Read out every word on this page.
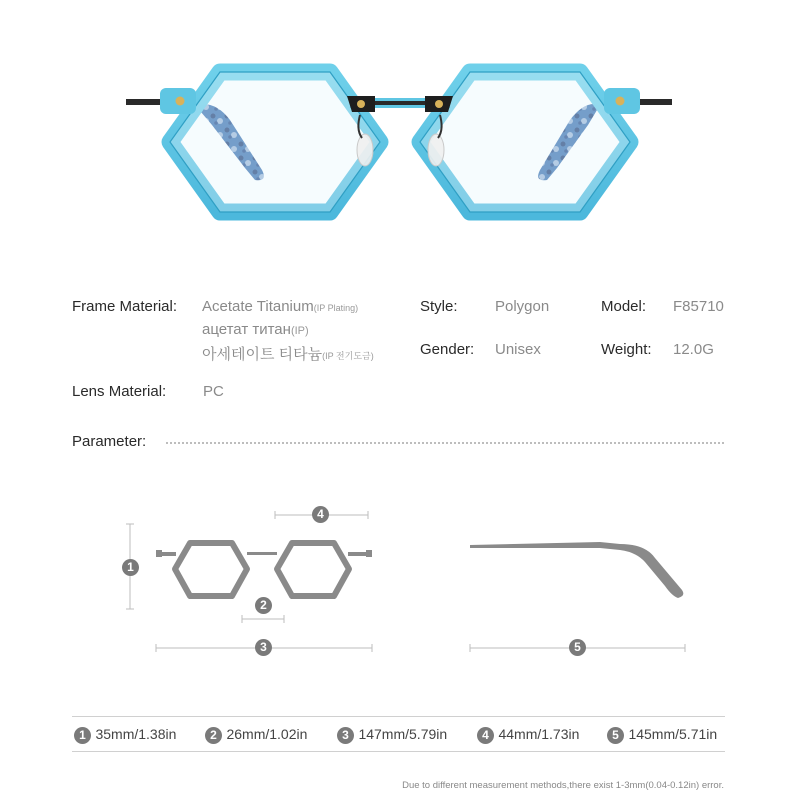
Frame Material: Acetate Titanium(IP Plating)
ацетат титан(IP)
아세테이트 티타늄(IP 전기도금)
Style: Polygon	Model: F85710
Gender: Unisex	Weight: 12.0G
Lens Material: PC
Parameter:
1
4
2
3	5
1 35mm/1.38in	2 26mm/1.02in	3 147mm/5.79in	4 44mm/1.73in	5 145mm/5.71in
Due to different measurement methods,there exist 1-3mm(0.04-0.12in) error.
